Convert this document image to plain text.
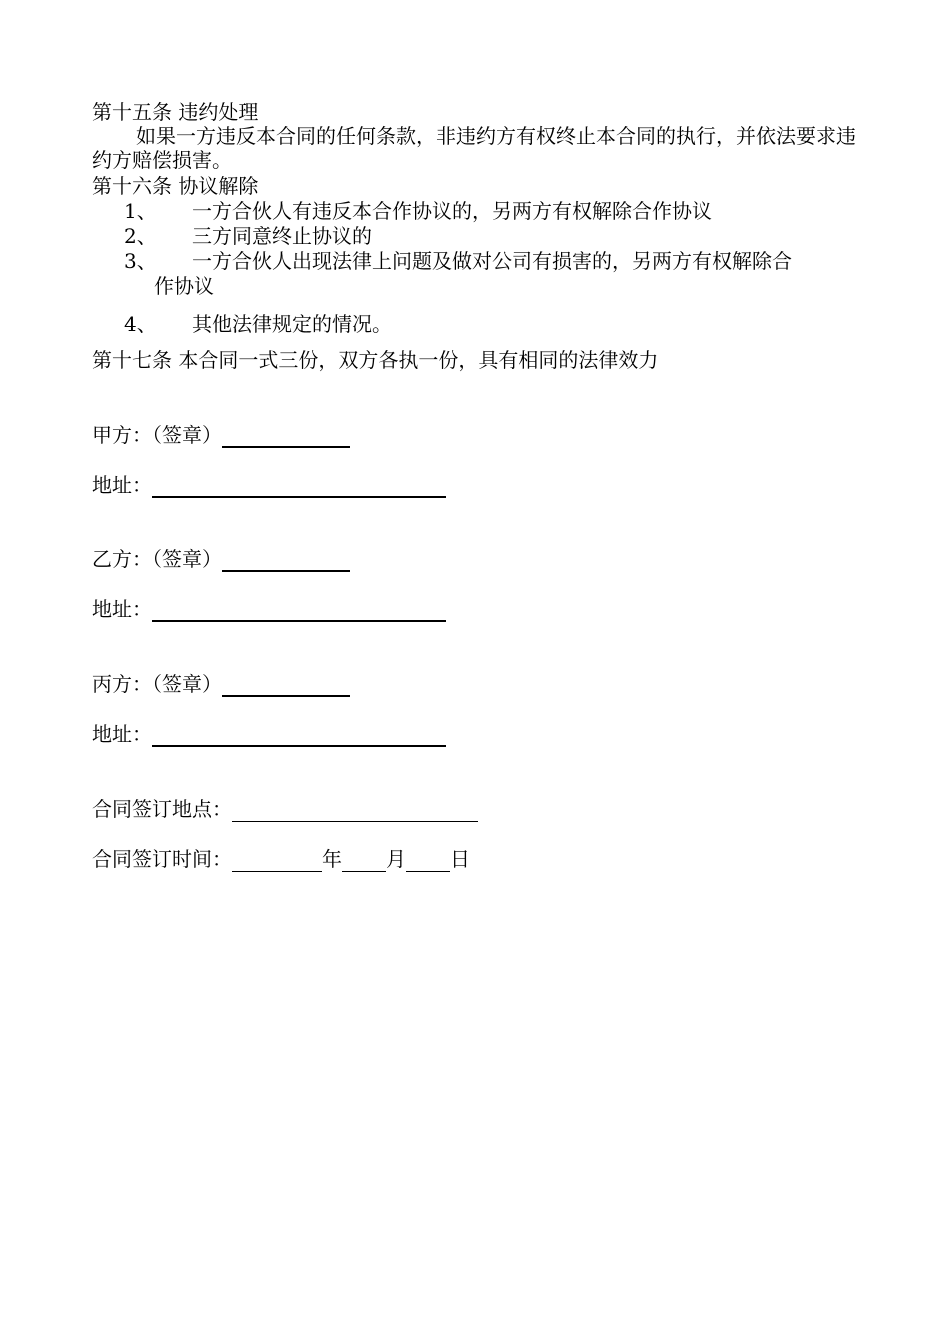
第十五条 违约处理
如果一方违反本合同的任何条款，非违约方有权终止本合同的执行，并依法要求违约方赔偿损害。
第十六条 协议解除
1、 一方合伙人有违反本合作协议的，另两方有权解除合作协议
2、 三方同意终止协议的
3、 一方合伙人出现法律上问题及做对公司有损害的，另两方有权解除合
作协议
4、 其他法律规定的情况。
第十七条 本合同一式三份，双方各执一份，具有相同的法律效力
甲方：（签章）
地址：
乙方：（签章）
地址：
丙方：（签章）
地址：
合同签订地点：
合同签订时间：	年 月 日
